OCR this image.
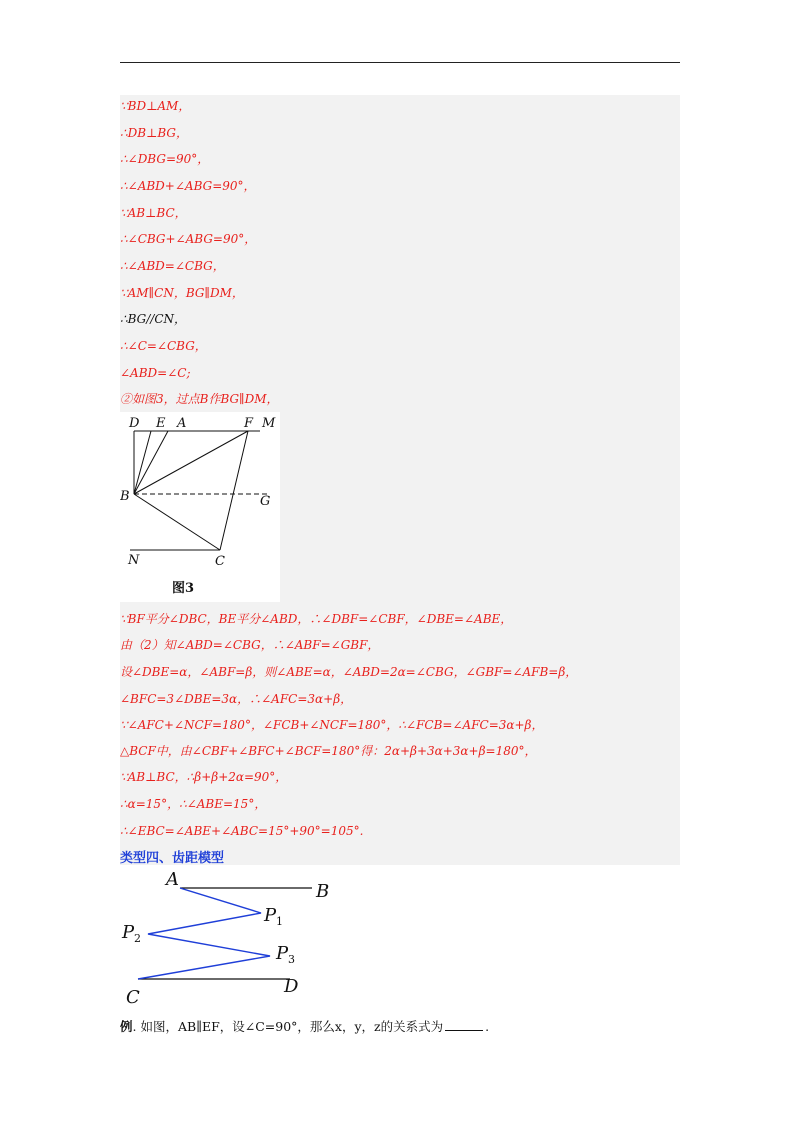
∵BD⊥AM，
∴DB⊥BG，
∴∠DBG=90°，
∴∠ABD+∠ABG=90°，
∵AB⊥BC，
∴∠CBG+∠ABG=90°，
∴∠ABD=∠CBG，
∵AM∥CN，BG∥DM，
∴BG//CN，
∴∠C=∠CBG，
∠ABD=∠C;
②如图3，过点B作BG∥DM，
D E A	F M
B	G
N	C
图3
∵BF平分∠DBC，BE平分∠ABD，∴∠DBF=∠CBF，∠DBE=∠ABE，
由（2）知∠ABD=∠CBG，∴∠ABF=∠GBF，
设∠DBE=α，∠ABF=β，则∠ABE=α，∠ABD=2α=∠CBG，∠GBF=∠AFB=β，
∠BFC=3∠DBE=3α，∴∠AFC=3α+β，
∵∠AFC+∠NCF=180°，∠FCB+∠NCF=180°，∴∠FCB=∠AFC=3α+β，
△BCF中，由∠CBF+∠BFC+∠BCF=180°得：2α+β+3α+3α+β=180°，
∵AB⊥BC，∴β+β+2α=90°，
∴α=15°，∴∠ABE=15°，
∴∠EBC=∠ABE+∠ABC=15°+90°=105°.
类型四、齿距模型
A
B
P 1
P 2
P 3
D
C
例. 如图，AB∥EF，设∠C=90°，那么x，y，z的关系式为	.
